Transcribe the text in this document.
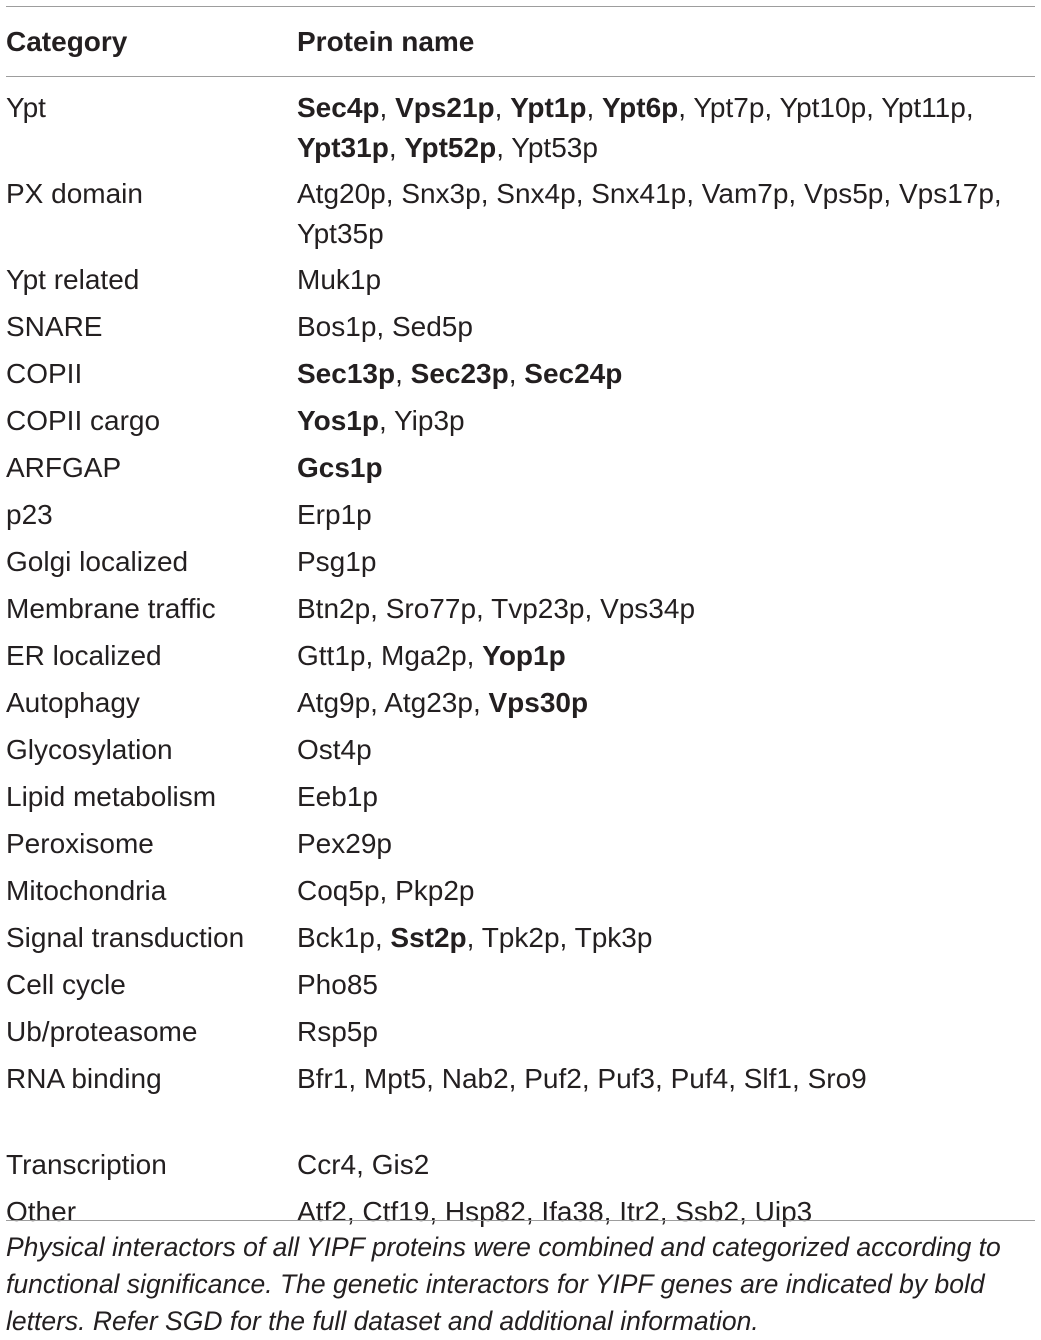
Category	Protein name
Ypt	Sec4p, Vps21p, Ypt1p, Ypt6p, Ypt7p, Ypt10p, Ypt11p, Ypt31p, Ypt52p, Ypt53p
PX domain	Atg20p, Snx3p, Snx4p, Snx41p, Vam7p, Vps5p, Vps17p, Ypt35p
Ypt related	Muk1p
SNARE	Bos1p, Sed5p
COPII	Sec13p, Sec23p, Sec24p
COPII cargo	Yos1p, Yip3p
ARFGAP	Gcs1p
p23	Erp1p
Golgi localized	Psg1p
Membrane traffic	Btn2p, Sro77p, Tvp23p, Vps34p
ER localized	Gtt1p, Mga2p, Yop1p
Autophagy	Atg9p, Atg23p, Vps30p
Glycosylation	Ost4p
Lipid metabolism	Eeb1p
Peroxisome	Pex29p
Mitochondria	Coq5p, Pkp2p
Signal transduction	Bck1p, Sst2p, Tpk2p, Tpk3p
Cell cycle	Pho85
Ub/proteasome	Rsp5p
RNA binding	Bfr1, Mpt5, Nab2, Puf2, Puf3, Puf4, Slf1, Sro9
Transcription	Ccr4, Gis2
Other	Atf2, Ctf19, Hsp82, Ifa38, Itr2, Ssb2, Uip3

Physical interactors of all YIPF proteins were combined and categorized according to functional significance. The genetic interactors for YIPF genes are indicated by bold letters. Refer SGD for the full dataset and additional information.
